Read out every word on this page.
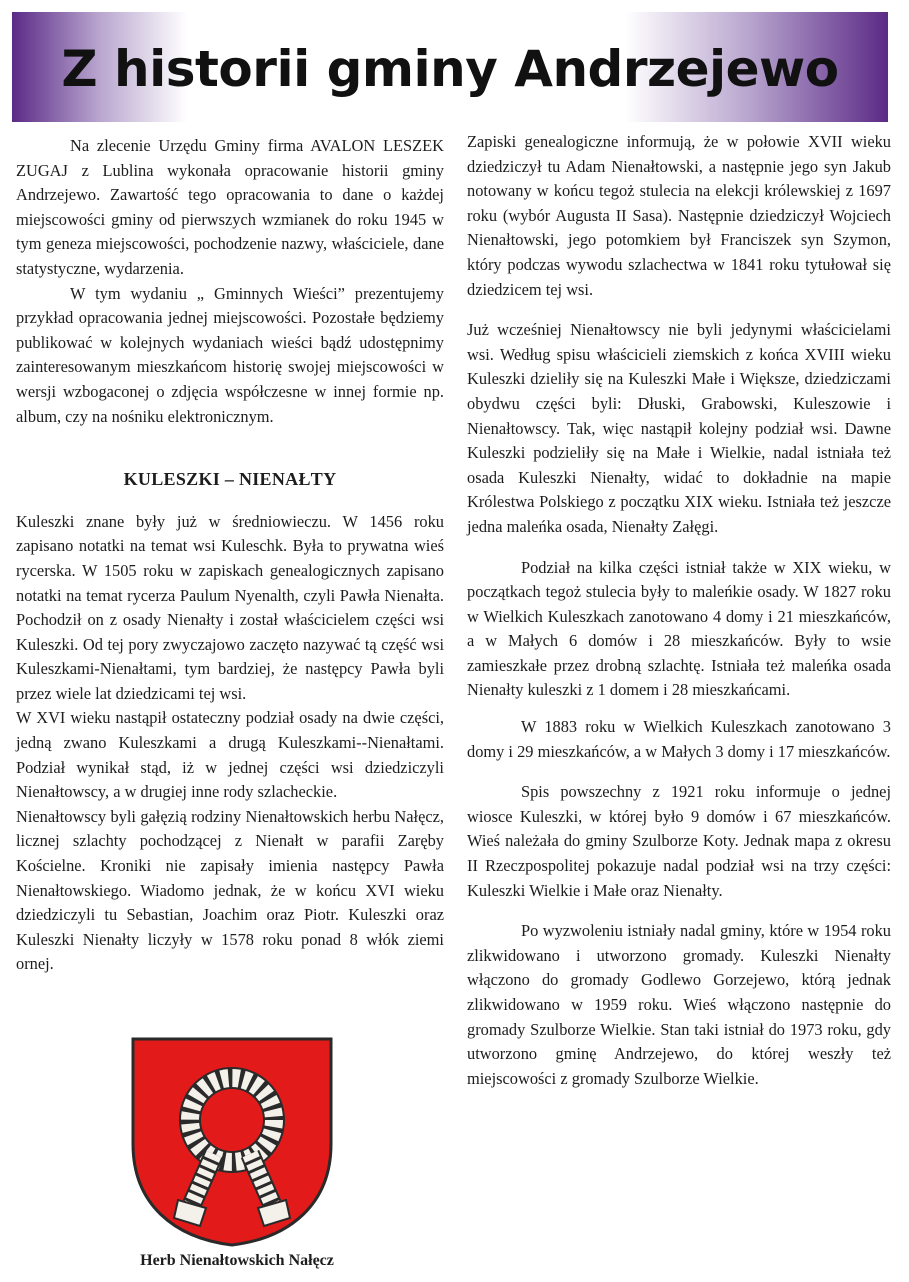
Z historii gminy Andrzejewo

Na zlecenie Urzędu Gminy firma AVALON LESZEK ZUGAJ z Lublina wykonała opracowanie historii gminy Andrzejewo. Zawartość tego opracowania to dane o każdej miejscowości gminy od pierwszych wzmianek do roku 1945 w tym geneza miejscowości, pochodzenie nazwy, właściciele, dane statystyczne, wydarzenia.

W tym wydaniu „ Gminnych Wieści” prezentujemy przykład opracowania jednej miejscowości. Pozostałe będziemy publikować w kolejnych wydaniach wieści bądź udostępnimy zainteresowanym mieszkańcom historię swojej miejscowości w wersji wzbogaconej o zdjęcia współczesne w innej formie np. album, czy na nośniku elektronicznym.

KULESZKI – NIENAŁTY

Kuleszki znane były już w średniowieczu. W 1456 roku zapisano notatki na temat wsi Kuleschk. Była to prywatna wieś rycerska. W 1505 roku w zapiskach genealogicznych zapisano notatki na temat rycerza Paulum Nyenalth, czyli Pawła Nienałta. Pochodził on z osady Nienałty i został właścicielem części wsi Kuleszki. Od tej pory zwyczajowo zaczęto nazywać tą część wsi Kuleszkami-Nienałtami, tym bardziej, że następcy Pawła byli przez wiele lat dziedzicami tej wsi.

W XVI wieku nastąpił ostateczny podział osady na dwie części, jedną zwano Kuleszkami a drugą Kuleszkami--Nienałtami. Podział wynikał stąd, iż w jednej części wsi dziedziczyli Nienałtowscy, a w drugiej inne rody szlacheckie.

Nienałtowscy byli gałęzią rodziny Nienałtowskich herbu Nałęcz, licznej szlachty pochodzącej z Nienałt w parafii Zaręby Kościelne. Kroniki nie zapisały imienia następcy Pawła Nienałtowskiego. Wiadomo jednak, że w końcu XVI wieku dziedziczyli tu Sebastian, Joachim oraz Piotr. Kuleszki oraz Kuleszki Nienałty liczyły w 1578 roku ponad 8 włók ziemi ornej.

Herb Nienałtowskich Nałęcz

Zapiski genealogiczne informują, że w połowie XVII wieku dziedziczył tu Adam Nienałtowski, a następnie jego syn Jakub notowany w końcu tegoż stulecia na elekcji królewskiej z 1697 roku (wybór Augusta II Sasa). Następnie dziedziczył Wojciech Nienałtowski, jego potomkiem był Franciszek syn Szymon, który podczas wywodu szlachectwa w 1841 roku tytułował się dziedzicem tej wsi.

Już wcześniej Nienałtowscy nie byli jedynymi właścicielami wsi. Według spisu właścicieli ziemskich z końca XVIII wieku Kuleszki dzieliły się na Kuleszki Małe i Większe, dziedziczami obydwu części byli: Dłuski, Grabowski, Kuleszowie i Nienałtowscy. Tak, więc nastąpił kolejny podział wsi. Dawne Kuleszki podzieliły się na Małe i Wielkie, nadal istniała też osada Kuleszki Nienałty, widać to dokładnie na mapie Królestwa Polskiego z początku XIX wieku. Istniała też jeszcze jedna maleńka osada, Nienałty Załęgi.

Podział na kilka części istniał także w XIX wieku, w początkach tegoż stulecia były to maleńkie osady. W 1827 roku w Wielkich Kuleszkach zanotowano 4 domy i 21 mieszkańców, a w Małych 6 domów i 28 mieszkańców. Były to wsie zamieszkałe przez drobną szlachtę. Istniała też maleńka osada Nienałty kuleszki z 1 domem i 28 mieszkańcami.

W 1883 roku w Wielkich Kuleszkach zanotowano 3 domy i 29 mieszkańców, a w Małych 3 domy i 17 mieszkańców.

Spis powszechny z 1921 roku informuje o jednej wiosce Kuleszki, w której było 9 domów i 67 mieszkańców. Wieś należała do gminy Szulborze Koty. Jednak mapa z okresu II Rzeczpospolitej pokazuje nadal podział wsi na trzy części: Kuleszki Wielkie i Małe oraz Nienałty.

Po wyzwoleniu istniały nadal gminy, które w 1954 roku zlikwidowano i utworzono gromady. Kuleszki Nienałty włączono do gromady Godlewo Gorzejewo, którą jednak zlikwidowano w 1959 roku. Wieś włączono następnie do gromady Szulborze Wielkie. Stan taki istniał do 1973 roku, gdy utworzono gminę Andrzejewo, do której weszły też miejscowości z gromady Szulborze Wielkie.
